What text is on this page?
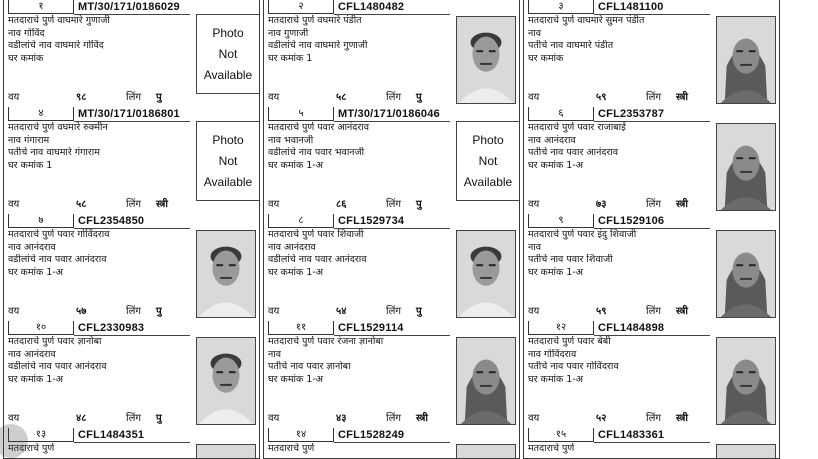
१	MT/30/171/0186029
मतदाराचे पुर्ण वाघमारे गुणाजी
नाव गोविंद
वडीलांचे नाव वाघमारे गोविंद
घर कमांक
वय	९८	लिंग पु
Photo
Not
Available
२	CFL1480482
मतदाराचे पुर्ण वघमारे पंडीत
नाव गुणाजी
वडीलांचे नाव वाघमारे गुणाजी
घर कमांक 1
वय	५८	लिंग पु
३	CFL1481100
मतदाराचे पुर्ण वाघमारे सुमन पंडीत
नाव
पतीचे नाव वाघमारे पंडीत
घर कमांक
वय	५९	लिंग स्त्री
४	MT/30/171/0186801
मतदाराचे पुर्ण वघमारे रुक्मीन
नाव गंगाराम
पतीचे नाव वाघमारे गंगाराम
घर कमांक 1
वय	५८	लिंग स्त्री
Photo
Not
Available
५	MT/30/171/0186046
मतदाराचे पुर्ण पवार आनंदराव
नाव भवानजी
वडीलांचे नाव पवार भवानजी
घर कमांक 1-अ
वय	८६	लिंग पु
Photo
Not
Available
६	CFL2353787
मतदाराचे पुर्ण पवार राजाबाई
नाव आनंदराव
पतीचे नाव पवार आनंदराव
घर कमांक 1-अ
वय	७३	लिंग स्त्री
७	CFL2354850
मतदाराचे पुर्ण पवार गोविंदराव
नाव आनंदराव
वडीलांचे नाव पवार आनंदराव
घर कमांक 1-अ
वय	५७	लिंग पु
८	CFL1529734
मतदाराचे पुर्ण पवार शिवाजी
नाव आनंदराव
वडीलांचे नाव पवार आनंदराव
घर कमांक 1-अ
वय	५४	लिंग पु
९	CFL1529106
मतदाराचे पुर्ण पवार इंदु शिवाजी
नाव
पतीचे नाव पवार शिवाजी
घर कमांक 1-अ
वय	५९	लिंग स्त्री
१०	CFL2330983
मतदाराचे पुर्ण पवार ज्ञानोबा
नाव आनंदराव
वडीलांचे नाव पवार आनंदराव
घर कमांक 1-अ
वय	४८	लिंग पु
११	CFL1529114
मतदाराचे पुर्ण पवार रंजना ज्ञानोबा
नाव
पतीचे नाव पवार ज्ञानोबा
घर कमांक 1-अ
वय	४३	लिंग स्त्री
१२	CFL1484898
मतदाराचे पुर्ण पवार बेबी
नाव गोविंदराव
पतीचे नाव पवार गोविंदराव
घर कमांक 1-अ
वय	५२	लिंग स्त्री
१३	CFL1484351
मतदाराचे पुर्ण
१४	CFL1528249
मतदाराचे पुर्ण
१५	CFL1483361
मतदाराचे पुर्ण
